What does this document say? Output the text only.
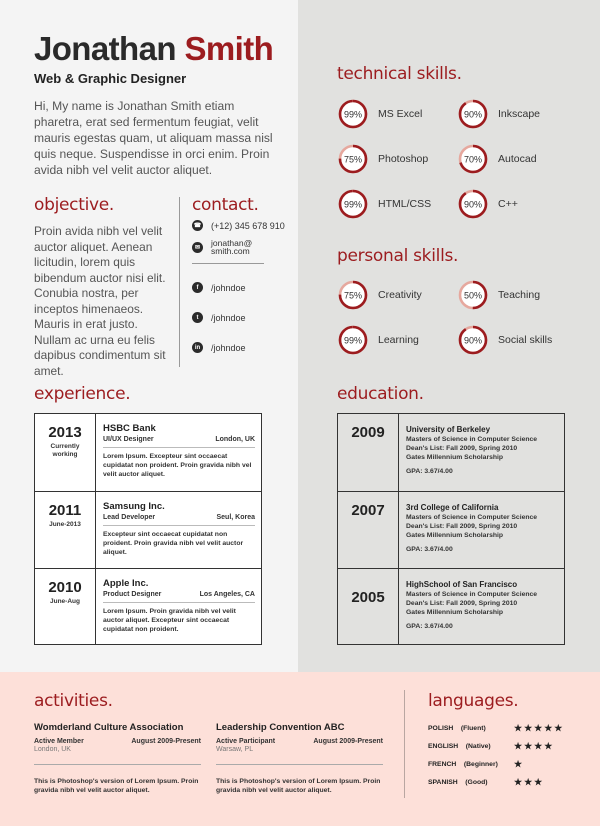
Jonathan Smith
Web & Graphic Designer
Hi, My name is Jonathan Smith etiam pharetra, erat sed fermentum feugiat, velit mauris egestas quam, ut aliquam massa nisl quis neque. Suspendisse in orci enim. Proin avida nibh vel velit auctor aliquet.
objective.
Proin avida nibh vel velit auctor aliquet. Aenean licitudin, lorem quis bibendum auctor nisi elit. Conubia nostra, per inceptos himenaeos. Mauris in erat justo. Nullam ac urna eu felis dapibus condimentum sit amet.
contact.
☎ (+12) 345 678 910
✉	jonathan@
smith.com
f	/johndoe
t	/johndoe
in	/johndoe
experience.
2013
Currently working
HSBC Bank
UI/UX Designer	London, UK
Lorem Ipsum. Excepteur sint occaecat cupidatat non proident. Proin gravida nibh vel velit auctor aliquet.
2011
June-2013
Samsung Inc.
Lead Developer	Seul, Korea
Excepteur sint occaecat cupidatat non proident. Proin gravida nibh vel velit auctor aliquet.
2010
June-Aug
Apple Inc.
Product Designer	Los Angeles, CA
Lorem Ipsum. Proin gravida nibh vel velit auctor aliquet. Excepteur sint occaecat cupidatat non proident.
technical skills.
99% MS Excel	90% Inkscape
75% Photoshop	70% Autocad
99% HTML/CSS	90% C++
personal skills.
75% Creativity	50% Teaching
99% Learning	90% Social skills
education.
2009	University of Berkeley
Masters of Science in Computer Science
Dean's List: Fall 2009, Spring 2010
Gates Millennium Scholarship
GPA: 3.67/4.00
2007	3rd College of California
Masters of Science in Computer Science
Dean's List: Fall 2009, Spring 2010
Gates Millennium Scholarship
GPA: 3.67/4.00
2005
HighSchool of San Francisco
Masters of Science in Computer Science
Dean's List: Fall 2009, Spring 2010
Gates Millennium Scholarship
GPA: 3.67/4.00
activities.
Womderland Culture Association
Active Member	August 2009-Present
London, UK
This is Photoshop's version of Lorem Ipsum. Proin gravida nibh vel velit auctor aliquet.
Leadership Convention ABC
Active Participant	August 2009-Present
Warsaw, PL
This is Photoshop's version of Lorem Ipsum. Proin gravida nibh vel velit auctor aliquet.
languages.
POLISH    (Fluent)	★★★★★
ENGLISH    (Native)	★★★★
FRENCH    (Beginner)	★
SPANISH    (Good)	★★★
